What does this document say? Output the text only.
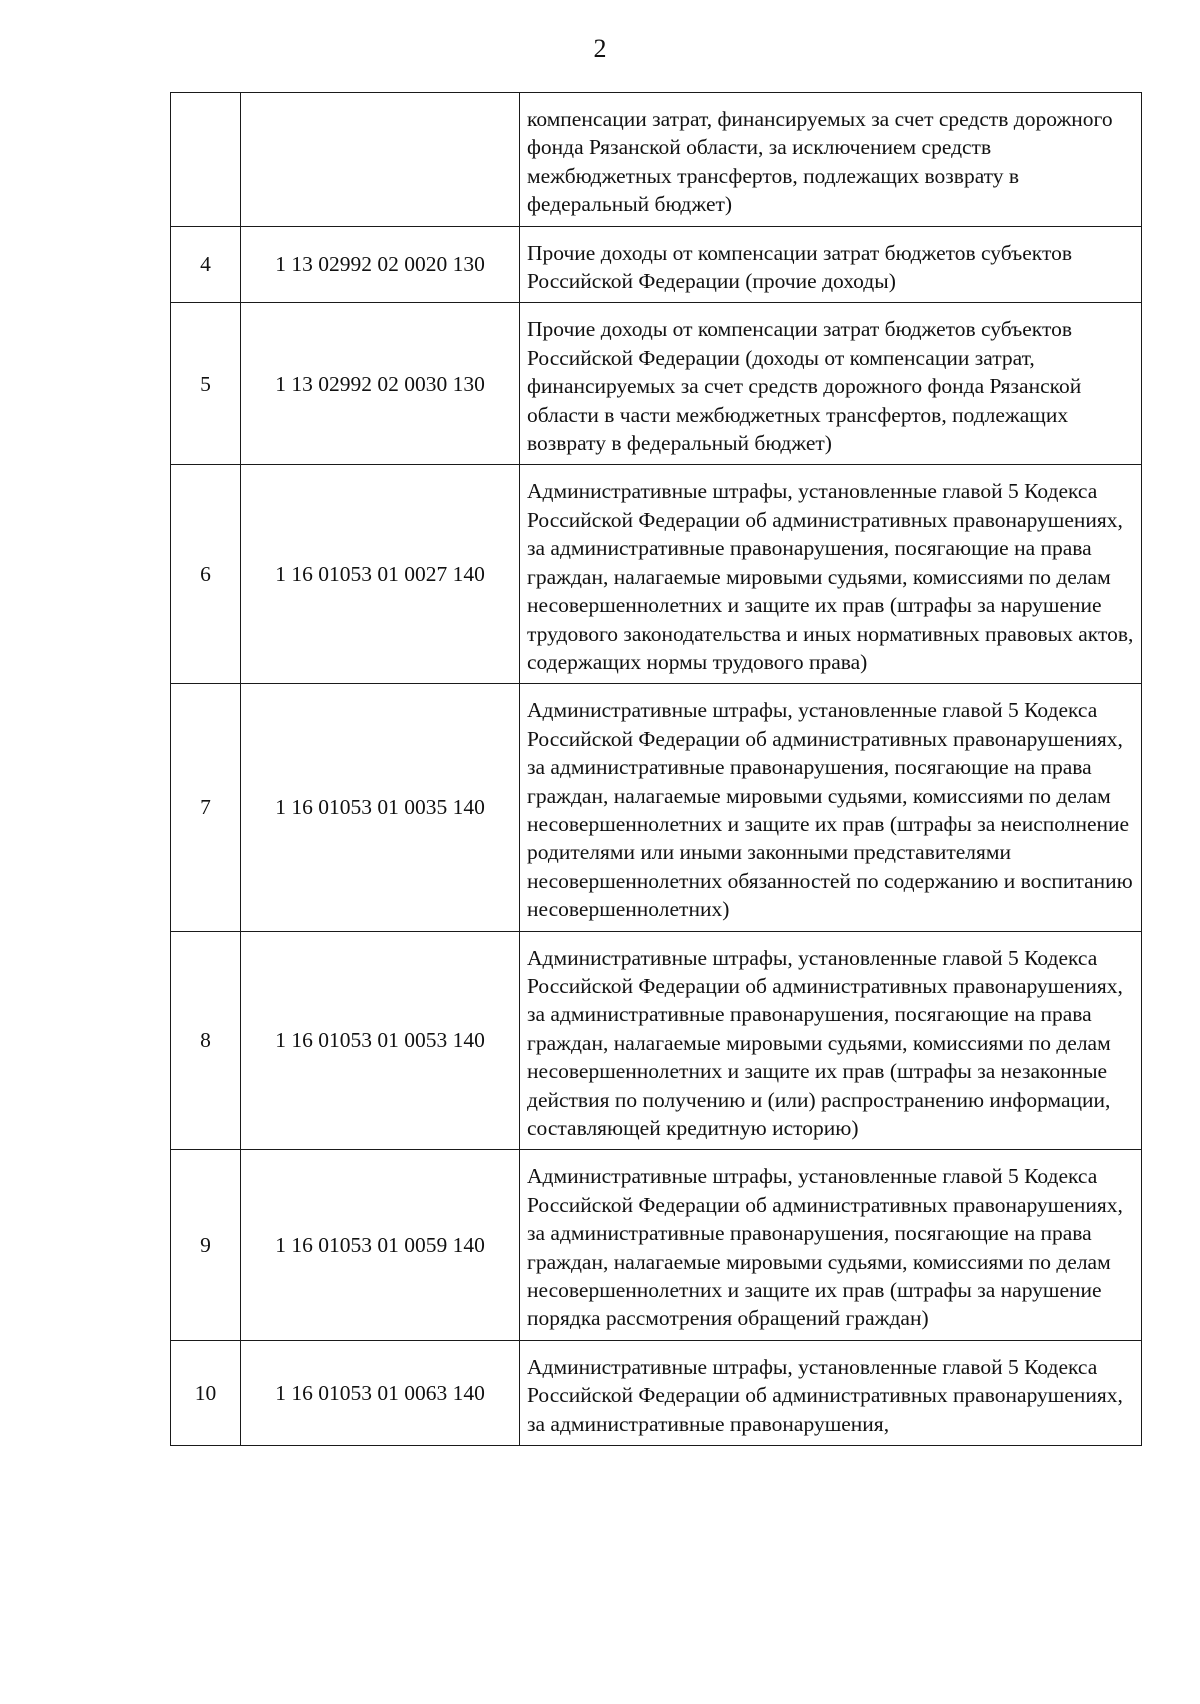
2
		компенсации затрат, финансируемых за счет средств дорожного фонда Рязанской области, за исключением средств межбюджетных трансфертов, подлежащих возврату в федеральный бюджет)
4	1 13 02992 02 0020 130	Прочие доходы от компенсации затрат бюджетов субъектов Российской Федерации (прочие доходы)
5	1 13 02992 02 0030 130	Прочие доходы от компенсации затрат бюджетов субъектов Российской Федерации (доходы от компенсации затрат, финансируемых за счет средств дорожного фонда Рязанской области в части межбюджетных трансфертов, подлежащих возврату в федеральный бюджет)
6	1 16 01053 01 0027 140	Административные штрафы, установленные главой 5 Кодекса Российской Федерации об административных правонарушениях, за административные правонарушения, посягающие на права граждан, налагаемые мировыми судьями, комиссиями по делам несовершеннолетних и защите их прав (штрафы за нарушение трудового законодательства и иных нормативных правовых актов, содержащих нормы трудового права)
7	1 16 01053 01 0035 140	Административные штрафы, установленные главой 5 Кодекса Российской Федерации об административных правонарушениях, за административные правонарушения, посягающие на права граждан, налагаемые мировыми судьями, комиссиями по делам несовершеннолетних и защите их прав (штрафы за неисполнение родителями или иными законными представителями несовершеннолетних обязанностей по содержанию и воспитанию несовершеннолетних)
8	1 16 01053 01 0053 140	Административные штрафы, установленные главой 5 Кодекса Российской Федерации об административных правонарушениях, за административные правонарушения, посягающие на права граждан, налагаемые мировыми судьями, комиссиями по делам несовершеннолетних и защите их прав (штрафы за незаконные действия по получению и (или) распространению информации, составляющей кредитную историю)
9	1 16 01053 01 0059 140	Административные штрафы, установленные главой 5 Кодекса Российской Федерации об административных правонарушениях, за административные правонарушения, посягающие на права граждан, налагаемые мировыми судьями, комиссиями по делам несовершеннолетних и защите их прав (штрафы за нарушение порядка рассмотрения обращений граждан)
10	1 16 01053 01 0063 140	Административные штрафы, установленные главой 5 Кодекса Российской Федерации об административных правонарушениях, за административные правонарушения,
